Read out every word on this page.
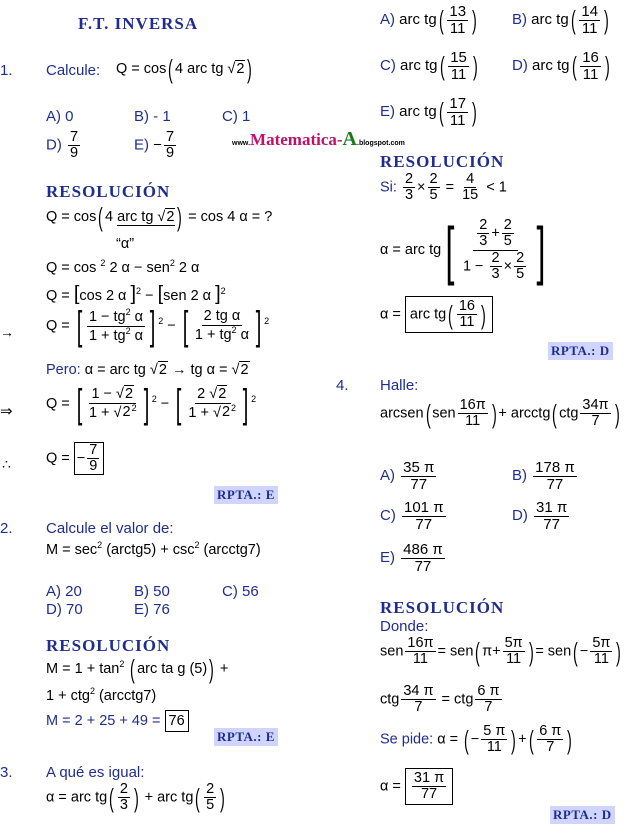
F.T. INVERSA
1. Calcule: Q = cos( 4 arc tg √2 )
A) 0	B) - 1	C) 1
$D) \frac{7}{9}$	$E) - \frac{7}{9}$	www.Matematica-A.blogspot.com
RESOLUCIÓN
Q = cos( 4 arc tg √2 ) = cos 4 α = ?
“α”
Q = cos $^2$ 2 α − sen$^2$ 2 α
Q = [cos 2 α ]$^2$ − [sen 2 α ]$^2$
→ Q = [ $\frac{1 - tg^2 \alpha}{1 + tg^2 \alpha}$ ] $^2$ − [ $\frac{\text{2 tg α}}{1 + tg^2 \alpha}$ ] $^2$
Pero: α = arc tg √2 → tg α = √2
⇒ Q = [ $\frac{1 - √2}{1 + √2^2}$ ] $^2$ − [ $\frac{2 √2}{1 + √2^2}$ ] $^2$
∴ Q = − $\frac{7}{9}$
RPTA.: E
2. Calcule el valor de:
$M = \sec^2$ (arctg5) + $\csc^2$ (arcctg7)
A) 20	B) 50	C) 56
D) 70	E) 76
RESOLUCIÓN
$M = 1 + \tan^2$ ( arc ta g (5)) +
1 + ctg$^2$ (arcctg7)
M = 2 + 25 + 49 = 76
RPTA.: E
3. A qué es igual:
α = arc $tg( \frac{2}{3}$ ) + arc $tg( \frac{2}{5}$ )
A) arc $tg( \frac{13}{11}$ ) B) arc $tg( \frac{14}{11}$ )
C) arc $tg( \frac{15}{11}$ ) D) arc $tg( \frac{16}{11}$ )
E) arc $tg( \frac{17}{11}$ )
RESOLUCIÓN
Si: $\frac{2}{3} \times \frac{2}{5} = \frac{4}{15} < 1$
α = arc $tg[ \frac{\frac{2}{3} + \frac{2}{5}}{1 - \frac{2}{3} \times \frac{2}{5}}$ ]
α = arc $tg( \frac{16}{11}$ )
RPTA.: D
4. Halle:
arcsen( sen $\frac{16\pi}{11}$ ) + arcctg( ctg $\frac{34\pi}{7}$ )
$A) \frac{35 \pi}{77}$	$B) \frac{178 \pi}{77}$
$C) \frac{101 \pi}{77}$	$D) \frac{31 \pi}{77}$
$E) \frac{486 \pi}{77}$
RESOLUCIÓN
Donde:
sen $\frac{16\pi}{11} = sen$( $\pi+ \frac{5\pi}{11}$ ) = $sen( - \frac{5\pi}{11}$ )
ctg $\frac{34 \pi}{7}$ = ctg $\frac{6 \pi}{7}$
Se pide: α = ( − $\frac{5 \pi}{11}$ ) +( $\frac{6 \pi}{7}$ )
$\alpha = \frac{31 \pi}{77}$
RPTA.: D
